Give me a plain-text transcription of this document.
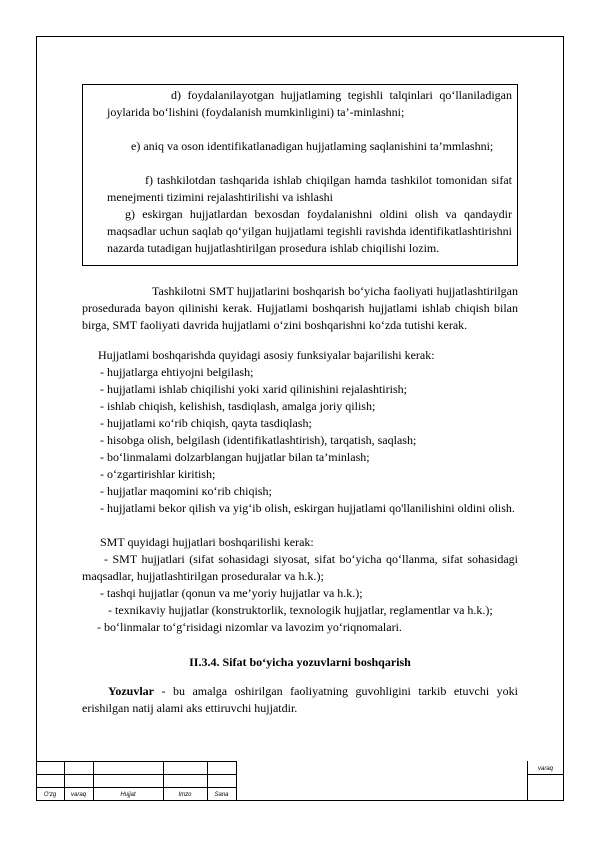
d) foydalanilayotgan hujjatlaming tegishli talqinlari qo‘llaniladigan joylarida bo‘lishini (foydalanish mumkinligini) ta’-minlashni;

e) aniq va oson identifikatlanadigan hujjatlaming saqlanishini ta’mmlashni;

f) tashkilotdan tashqarida ishlab chiqilgan hamda tashkilot tomonidan sifat menejmenti tizimini rejalashtirilishi va ishlashi

g) eskirgan hujjatlardan bexosdan foydalanishni oldini olish va qandaydir maqsadlar uchun saqlab qo‘yilgan hujjatlami tegishli ravishda identifikatlashtirishni nazarda tutadigan hujjatlashtirilgan prosedura ishlab chiqilishi lozim.

Tashkilotni SMT hujjatlarini boshqarish bo‘yicha faoliyati hujjatlashtirilgan prosedurada bayon qilinishi kerak. Hujjatlami boshqarish hujjatlami ishlab chiqish bilan birga, SMT faoliyati davrida hujjatlami o‘zini boshqarishni ko‘zda tutishi kerak.

Hujjatlami boshqarishda quyidagi asosiy funksiyalar bajarilishi kerak:

- hujjatlarga ehtiyojni belgilash;
- hujjatlami ishlab chiqilishi yoki xarid qilinishini rejalashtirish;
- ishlab chiqish, kelishish, tasdiqlash, amalga joriy qilish;
- hujjatlami кo‘rib chiqish, qayta tasdiqlash;
- hisobga olish, belgilash (identifikatlashtirish), tarqatish, saqlash;
- bo‘linmalami dolzarblangan hujjatlar bilan ta’minlash;
- o‘zgartirishlar kiritish;
- hujjatlar maqomini кo‘rib chiqish;

- hujjatlami bekor qilish va yig‘ib olish, eskirgan hujjatlami qo'llanilishini oldini olish.

SMT quyidagi hujjatlari boshqarilishi kerak:

- SMT hujjatlari (sifat sohasidagi siyosat, sifat bo‘yicha qo‘llanma, sifat sohasidagi maqsadlar, hujjatlashtirilgan proseduralar va h.k.);

- tashqi hujjatlar (qonun va me’yoriy hujjatlar va h.k.);

- texnikaviy hujjatlar (konstruktorlik, texnologik hujjatlar, reglamentlar va h.k.);

- bo‘linmalar to‘g‘risidagi nizomlar va lavozim yo‘riqnomalari.

II.3.4. Sifat bo‘yicha yozuvlarni boshqarish

Yozuvlar - bu amalga oshirilgan faoliyatning guvohligini tarkib etuvchi yoki erishilgan natij alami aks ettiruvchi hujjatdir.

O‘zg	varaq	Hujjat	Imzo	Sana
varaq
